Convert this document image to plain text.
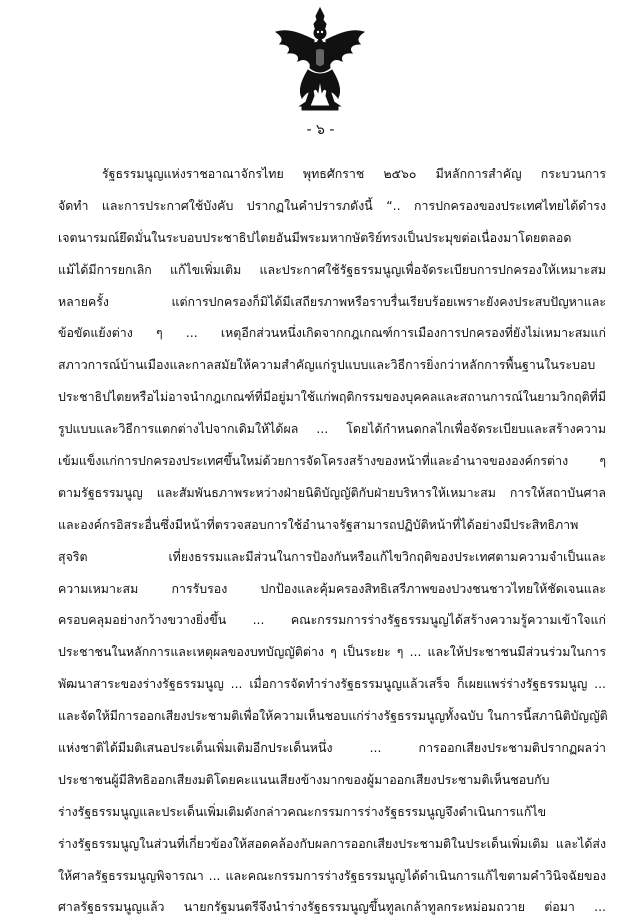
- ๖ -
รัฐธรรมนูญแห่งราชอาณาจักรไทย พุทธศักราช ๒๕๖๐ มีหลักการสำคัญ กระบวนการ
จัดทำ และการประกาศใช้บังคับ ปรากฏในคำปรารภดังนี้ “.. การปกครองของประเทศไทยได้ดำรง
เจตนารมณ์ยึดมั่นในระบอบประชาธิปไตยอันมีพระมหากษัตริย์ทรงเป็นประมุขต่อเนื่องมาโดยตลอด
แม้ได้มีการยกเลิก แก้ไขเพิ่มเติม และประกาศใช้รัฐธรรมนูญเพื่อจัดระเบียบการปกครองให้เหมาะสม
หลายครั้ง แต่การปกครองก็มิได้มีเสถียรภาพหรือราบรื่นเรียบร้อยเพราะยังคงประสบปัญหาและ
ข้อขัดแย้งต่าง ๆ ... เหตุอีกส่วนหนึ่งเกิดจากกฎเกณฑ์การเมืองการปกครองที่ยังไม่เหมาะสมแก่
สภาวการณ์บ้านเมืองและกาลสมัยให้ความสำคัญแก่รูปแบบและวิธีการยิ่งกว่าหลักการพื้นฐานในระบอบ
ประชาธิปไตยหรือไม่อาจนำกฎเกณฑ์ที่มีอยู่มาใช้แก่พฤติกรรมของบุคคลและสถานการณ์ในยามวิกฤติที่มี
รูปแบบและวิธีการแตกต่างไปจากเดิมให้ได้ผล ... โดยได้กำหนดกลไกเพื่อจัดระเบียบและสร้างความ
เข้มแข็งแก่การปกครองประเทศขึ้นใหม่ด้วยการจัดโครงสร้างของหน้าที่และอำนาจขององค์กรต่าง ๆ
ตามรัฐธรรมนูญ และสัมพันธภาพระหว่างฝ่ายนิติบัญญัติกับฝ่ายบริหารให้เหมาะสม การให้สถาบันศาล
และองค์กรอิสระอื่นซึ่งมีหน้าที่ตรวจสอบการใช้อำนาจรัฐสามารถปฏิบัติหน้าที่ได้อย่างมีประสิทธิภาพ
สุจริต เที่ยงธรรมและมีส่วนในการป้องกันหรือแก้ไขวิกฤติของประเทศตามความจำเป็นและ
ความเหมาะสม การรับรอง ปกป้องและคุ้มครองสิทธิเสรีภาพของปวงชนชาวไทยให้ชัดเจนและ
ครอบคลุมอย่างกว้างขวางยิ่งขึ้น ... คณะกรรมการร่างรัฐธรรมนูญได้สร้างความรู้ความเข้าใจแก่
ประชาชนในหลักการและเหตุผลของบทบัญญัติต่าง ๆ เป็นระยะ ๆ ... และให้ประชาชนมีส่วนร่วมในการ
พัฒนาสาระของร่างรัฐธรรมนูญ ... เมื่อการจัดทำร่างรัฐธรรมนูญแล้วเสร็จ ก็เผยแพร่ร่างรัฐธรรมนูญ ...
และจัดให้มีการออกเสียงประชามติเพื่อให้ความเห็นชอบแก่ร่างรัฐธรรมนูญทั้งฉบับ ในการนี้สภานิติบัญญัติ
แห่งชาติได้มีมติเสนอประเด็นเพิ่มเติมอีกประเด็นหนึ่ง ... การออกเสียงประชามติปรากฏผลว่า
ประชาชนผู้มีสิทธิออกเสียงมติโดยคะแนนเสียงข้างมากของผู้มาออกเสียงประชามติเห็นชอบกับ
ร่างรัฐธรรมนูญและประเด็นเพิ่มเติมดังกล่าวคณะกรรมการร่างรัฐธรรมนูญจึงดำเนินการแก้ไข
ร่างรัฐธรรมนูญในส่วนที่เกี่ยวข้องให้สอดคล้องกับผลการออกเสียงประชามติในประเด็นเพิ่มเติม และได้ส่ง
ให้ศาลรัฐธรรมนูญพิจารณา ... และคณะกรรมการร่างรัฐธรรมนูญได้ดำเนินการแก้ไขตามคำวินิจฉัยของ
ศาลรัฐธรรมนูญแล้ว นายกรัฐมนตรีจึงนำร่างรัฐธรรมนูญขึ้นทูลเกล้าทูลกระหม่อมถวาย ต่อมา ...
